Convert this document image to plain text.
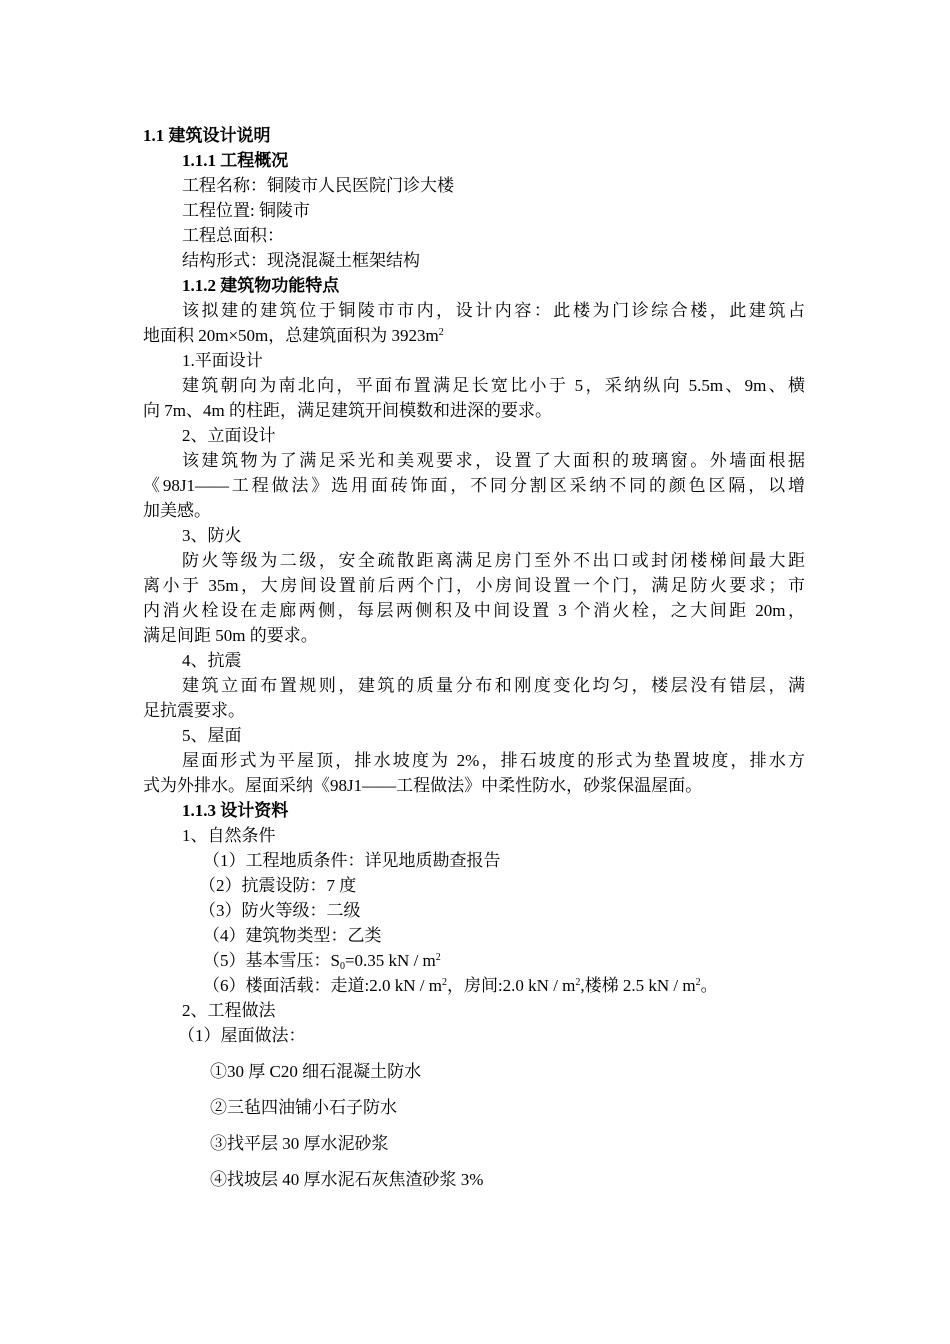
1.1 建筑设计说明
1.1.1 工程概况
工程名称：铜陵市人民医院门诊大楼
工程位置: 铜陵市
工程总面积：
结构形式：现浇混凝土框架结构
1.1.2 建筑物功能特点
该拟建的建筑位于铜陵市市内，设计内容：此楼为门诊综合楼，此建筑占
地面积 20m×50m，总建筑面积为 $3923m^2$
1.平面设计
建筑朝向为南北向，平面布置满足长宽比小于 5，采纳纵向 5.5m、9m、横
向 7m、4m 的柱距，满足建筑开间模数和进深的要求。
2、立面设计
该建筑物为了满足采光和美观要求，设置了大面积的玻璃窗。外墙面根据
《98J1——工程做法》选用面砖饰面，不同分割区采纳不同的颜色区隔，以增
加美感。
3、防火
防火等级为二级，安全疏散距离满足房门至外不出口或封闭楼梯间最大距
离小于 35m，大房间设置前后两个门，小房间设置一个门，满足防火要求；市
内消火栓设在走廊两侧，每层两侧积及中间设置 3 个消火栓，之大间距 20m，
满足间距 50m 的要求。
4、抗震
建筑立面布置规则，建筑的质量分布和刚度变化均匀，楼层没有错层，满
足抗震要求。
5、屋面
屋面形式为平屋顶，排水坡度为 2%，排石坡度的形式为垫置坡度，排水方
式为外排水。屋面采纳《98J1——工程做法》中柔性防水，砂浆保温屋面。
1.1.3 设计资料
1、自然条件
（1）工程地质条件：详见地质勘查报告
（2）抗震设防：7 度
（3）防火等级：二级
（4）建筑物类型：乙类
（5）基本雪压：$S_0=0.35$ kN / $m^2$
（6）楼面活载：走道:2.0 kN / $m^2$，房间:2.0 kN / $m^2$,楼梯 2.5 kN / $m^2$。
2、工程做法
（1）屋面做法：
①30 厚 C20 细石混凝土防水
②三毡四油铺小石子防水
③找平层 30 厚水泥砂浆
④找坡层 40 厚水泥石灰焦渣砂浆 3%
